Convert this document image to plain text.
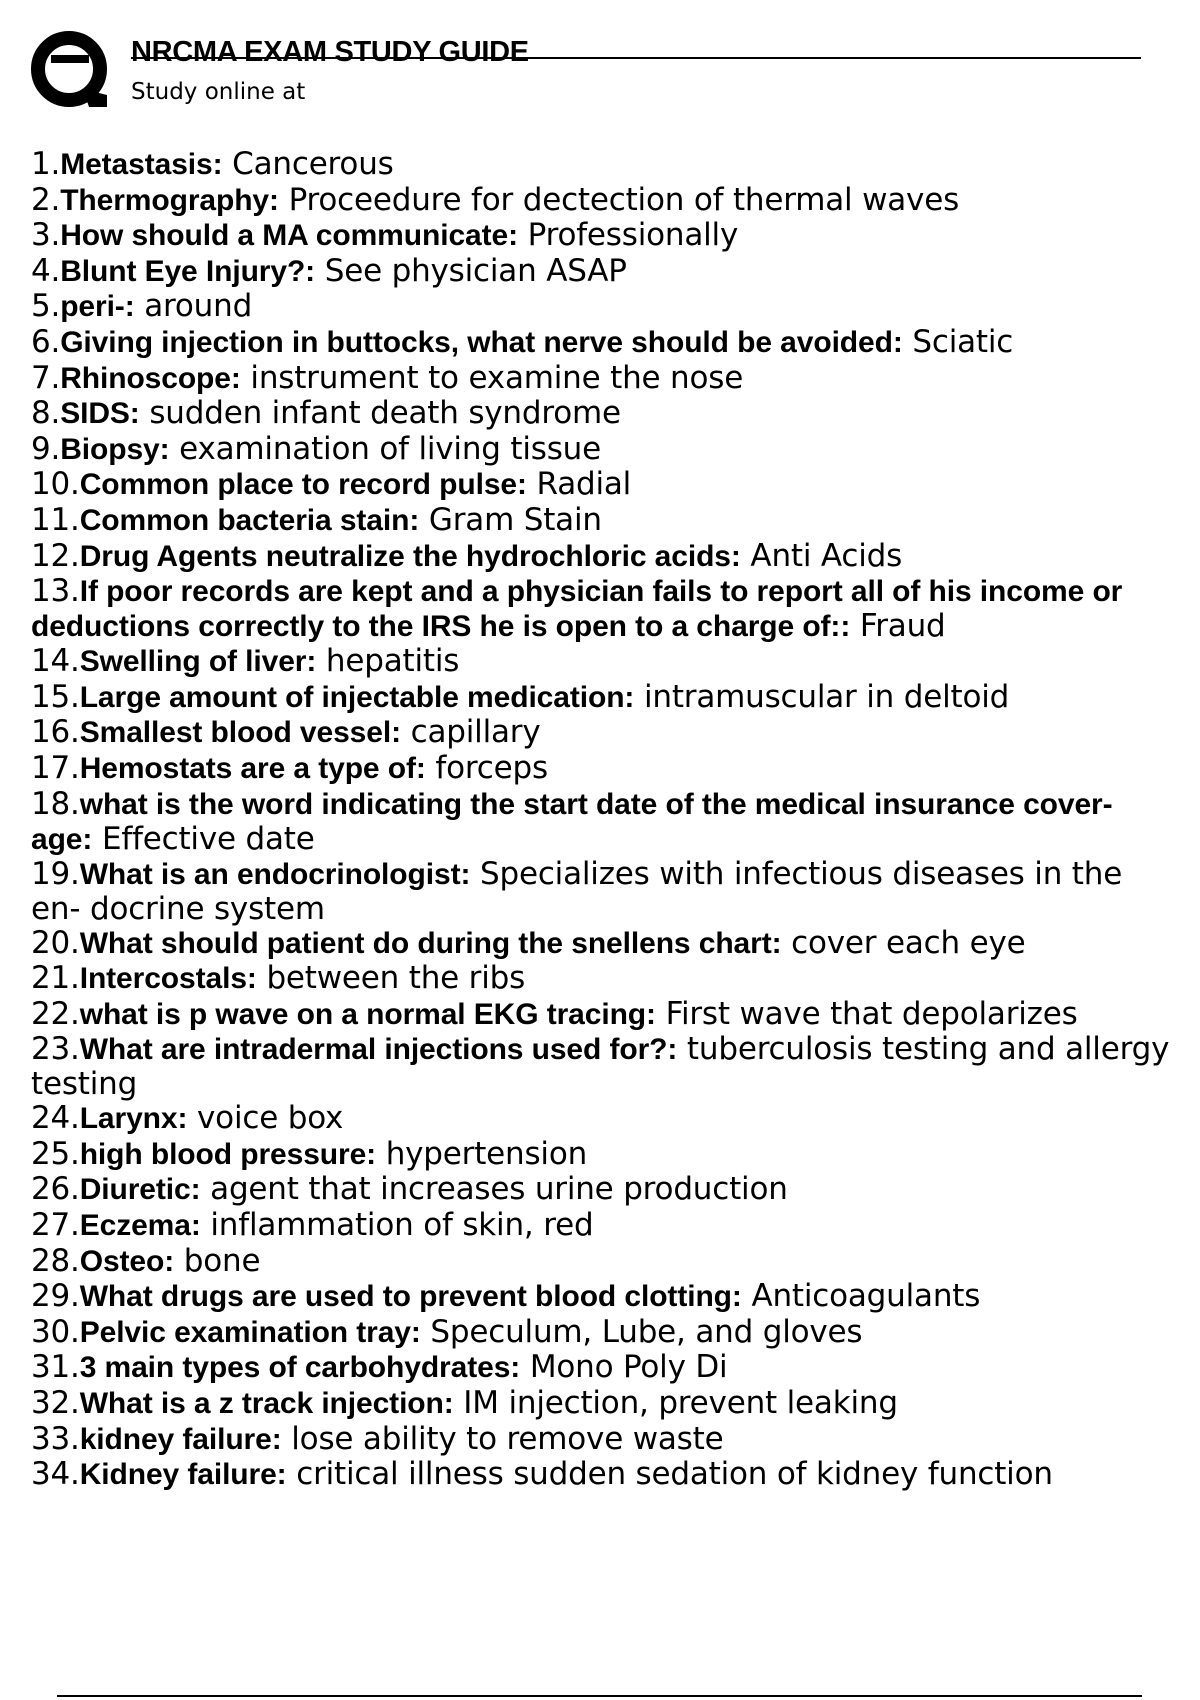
NRCMA EXAM STUDY GUIDE
Study online at
1.Metastasis: Cancerous
2.Thermography: Proceedure for dectection of thermal waves
3.How should a MA communicate: Professionally
4.Blunt Eye Injury?: See physician ASAP
5.peri-: around
6.Giving injection in buttocks, what nerve should be avoided: Sciatic
7.Rhinoscope: instrument to examine the nose
8.SIDS: sudden infant death syndrome
9.Biopsy: examination of living tissue
10.Common place to record pulse: Radial
11.Common bacteria stain: Gram Stain
12.Drug Agents neutralize the hydrochloric acids: Anti Acids
13.If poor records are kept and a physician fails to report all of his income or deductions correctly to the IRS he is open to a charge of:: Fraud
14.Swelling of liver: hepatitis
15.Large amount of injectable medication: intramuscular in deltoid
16.Smallest blood vessel: capillary
17.Hemostats are a type of: forceps
18.what is the word indicating the start date of the medical insurance cover- age: Effective date
19.What is an endocrinologist: Specializes with infectious diseases in the en- docrine system
20.What should patient do during the snellens chart: cover each eye
21.Intercostals: between the ribs
22.what is p wave on a normal EKG tracing: First wave that depolarizes
23.What are intradermal injections used for?: tuberculosis testing and allergy testing
24.Larynx: voice box
25.high blood pressure: hypertension
26.Diuretic: agent that increases urine production
27.Eczema: inflammation of skin, red
28.Osteo: bone
29.What drugs are used to prevent blood clotting: Anticoagulants
30.Pelvic examination tray: Speculum, Lube, and gloves
31.3 main types of carbohydrates: Mono Poly Di
32.What is a z track injection: IM injection, prevent leaking
33.kidney failure: lose ability to remove waste
34.Kidney failure: critical illness sudden sedation of kidney function
